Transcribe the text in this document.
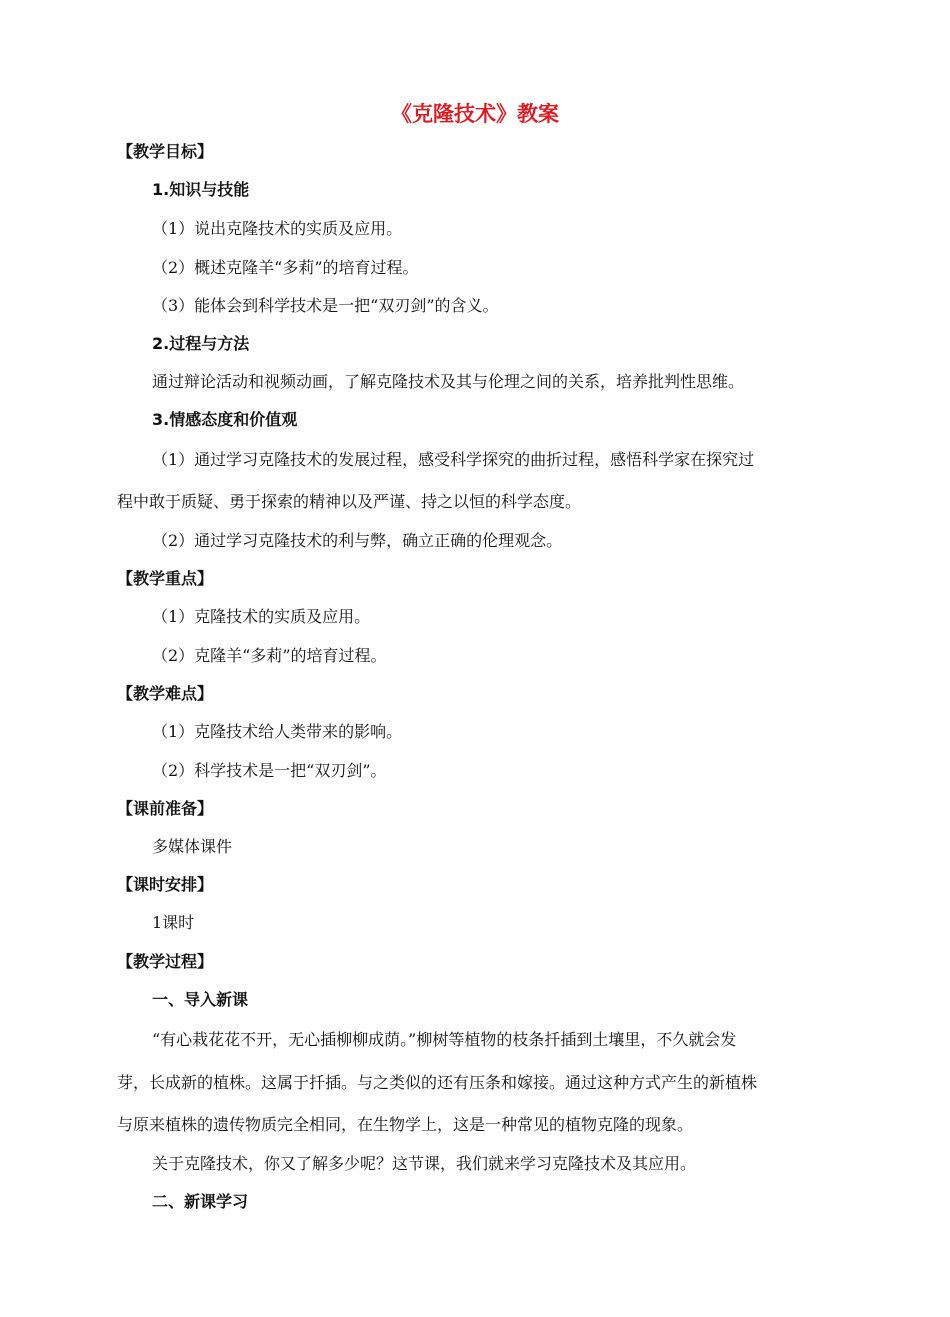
《克隆技术》教案
【教学目标】
1.知识与技能
（1）说出克隆技术的实质及应用。
（2）概述克隆羊“多莉”的培育过程。
（3）能体会到科学技术是一把“双刃剑”的含义。
2.过程与方法
通过辩论活动和视频动画，了解克隆技术及其与伦理之间的关系，培养批判性思维。
3.情感态度和价值观
（1）通过学习克隆技术的发展过程，感受科学探究的曲折过程，感悟科学家在探究过
程中敢于质疑、勇于探索的精神以及严谨、持之以恒的科学态度。
（2）通过学习克隆技术的利与弊，确立正确的伦理观念。
【教学重点】
（1）克隆技术的实质及应用。
（2）克隆羊“多莉”的培育过程。
【教学难点】
（1）克隆技术给人类带来的影响。
（2）科学技术是一把“双刃剑”。
【课前准备】
多媒体课件
【课时安排】
1课时
【教学过程】
一、导入新课
“有心栽花花不开，无心插柳柳成荫。”柳树等植物的枝条扦插到土壤里，不久就会发
芽，长成新的植株。这属于扦插。与之类似的还有压条和嫁接。通过这种方式产生的新植株
与原来植株的遗传物质完全相同，在生物学上，这是一种常见的植物克隆的现象。
关于克隆技术，你又了解多少呢？这节课，我们就来学习克隆技术及其应用。
二、新课学习
